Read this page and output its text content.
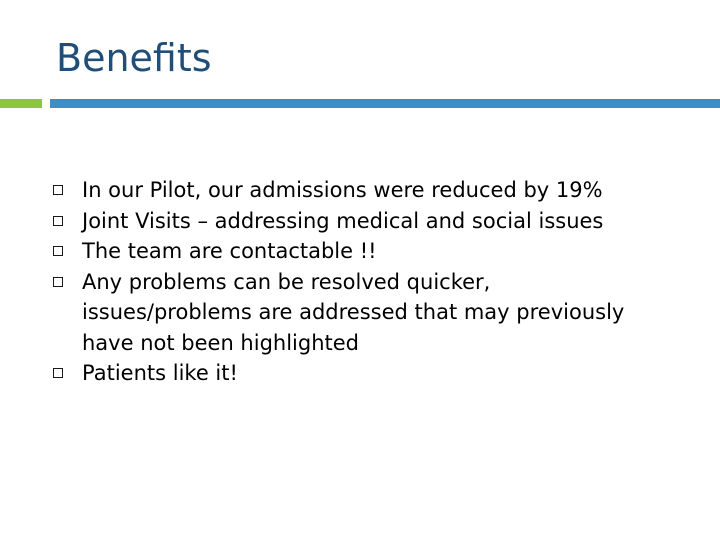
Benefits
In our Pilot, our admissions were reduced by 19%
Joint Visits – addressing medical and social issues
The team are contactable !!
Any problems can be resolved quicker, issues/problems are addressed that may previously have not been highlighted
Patients like it!
